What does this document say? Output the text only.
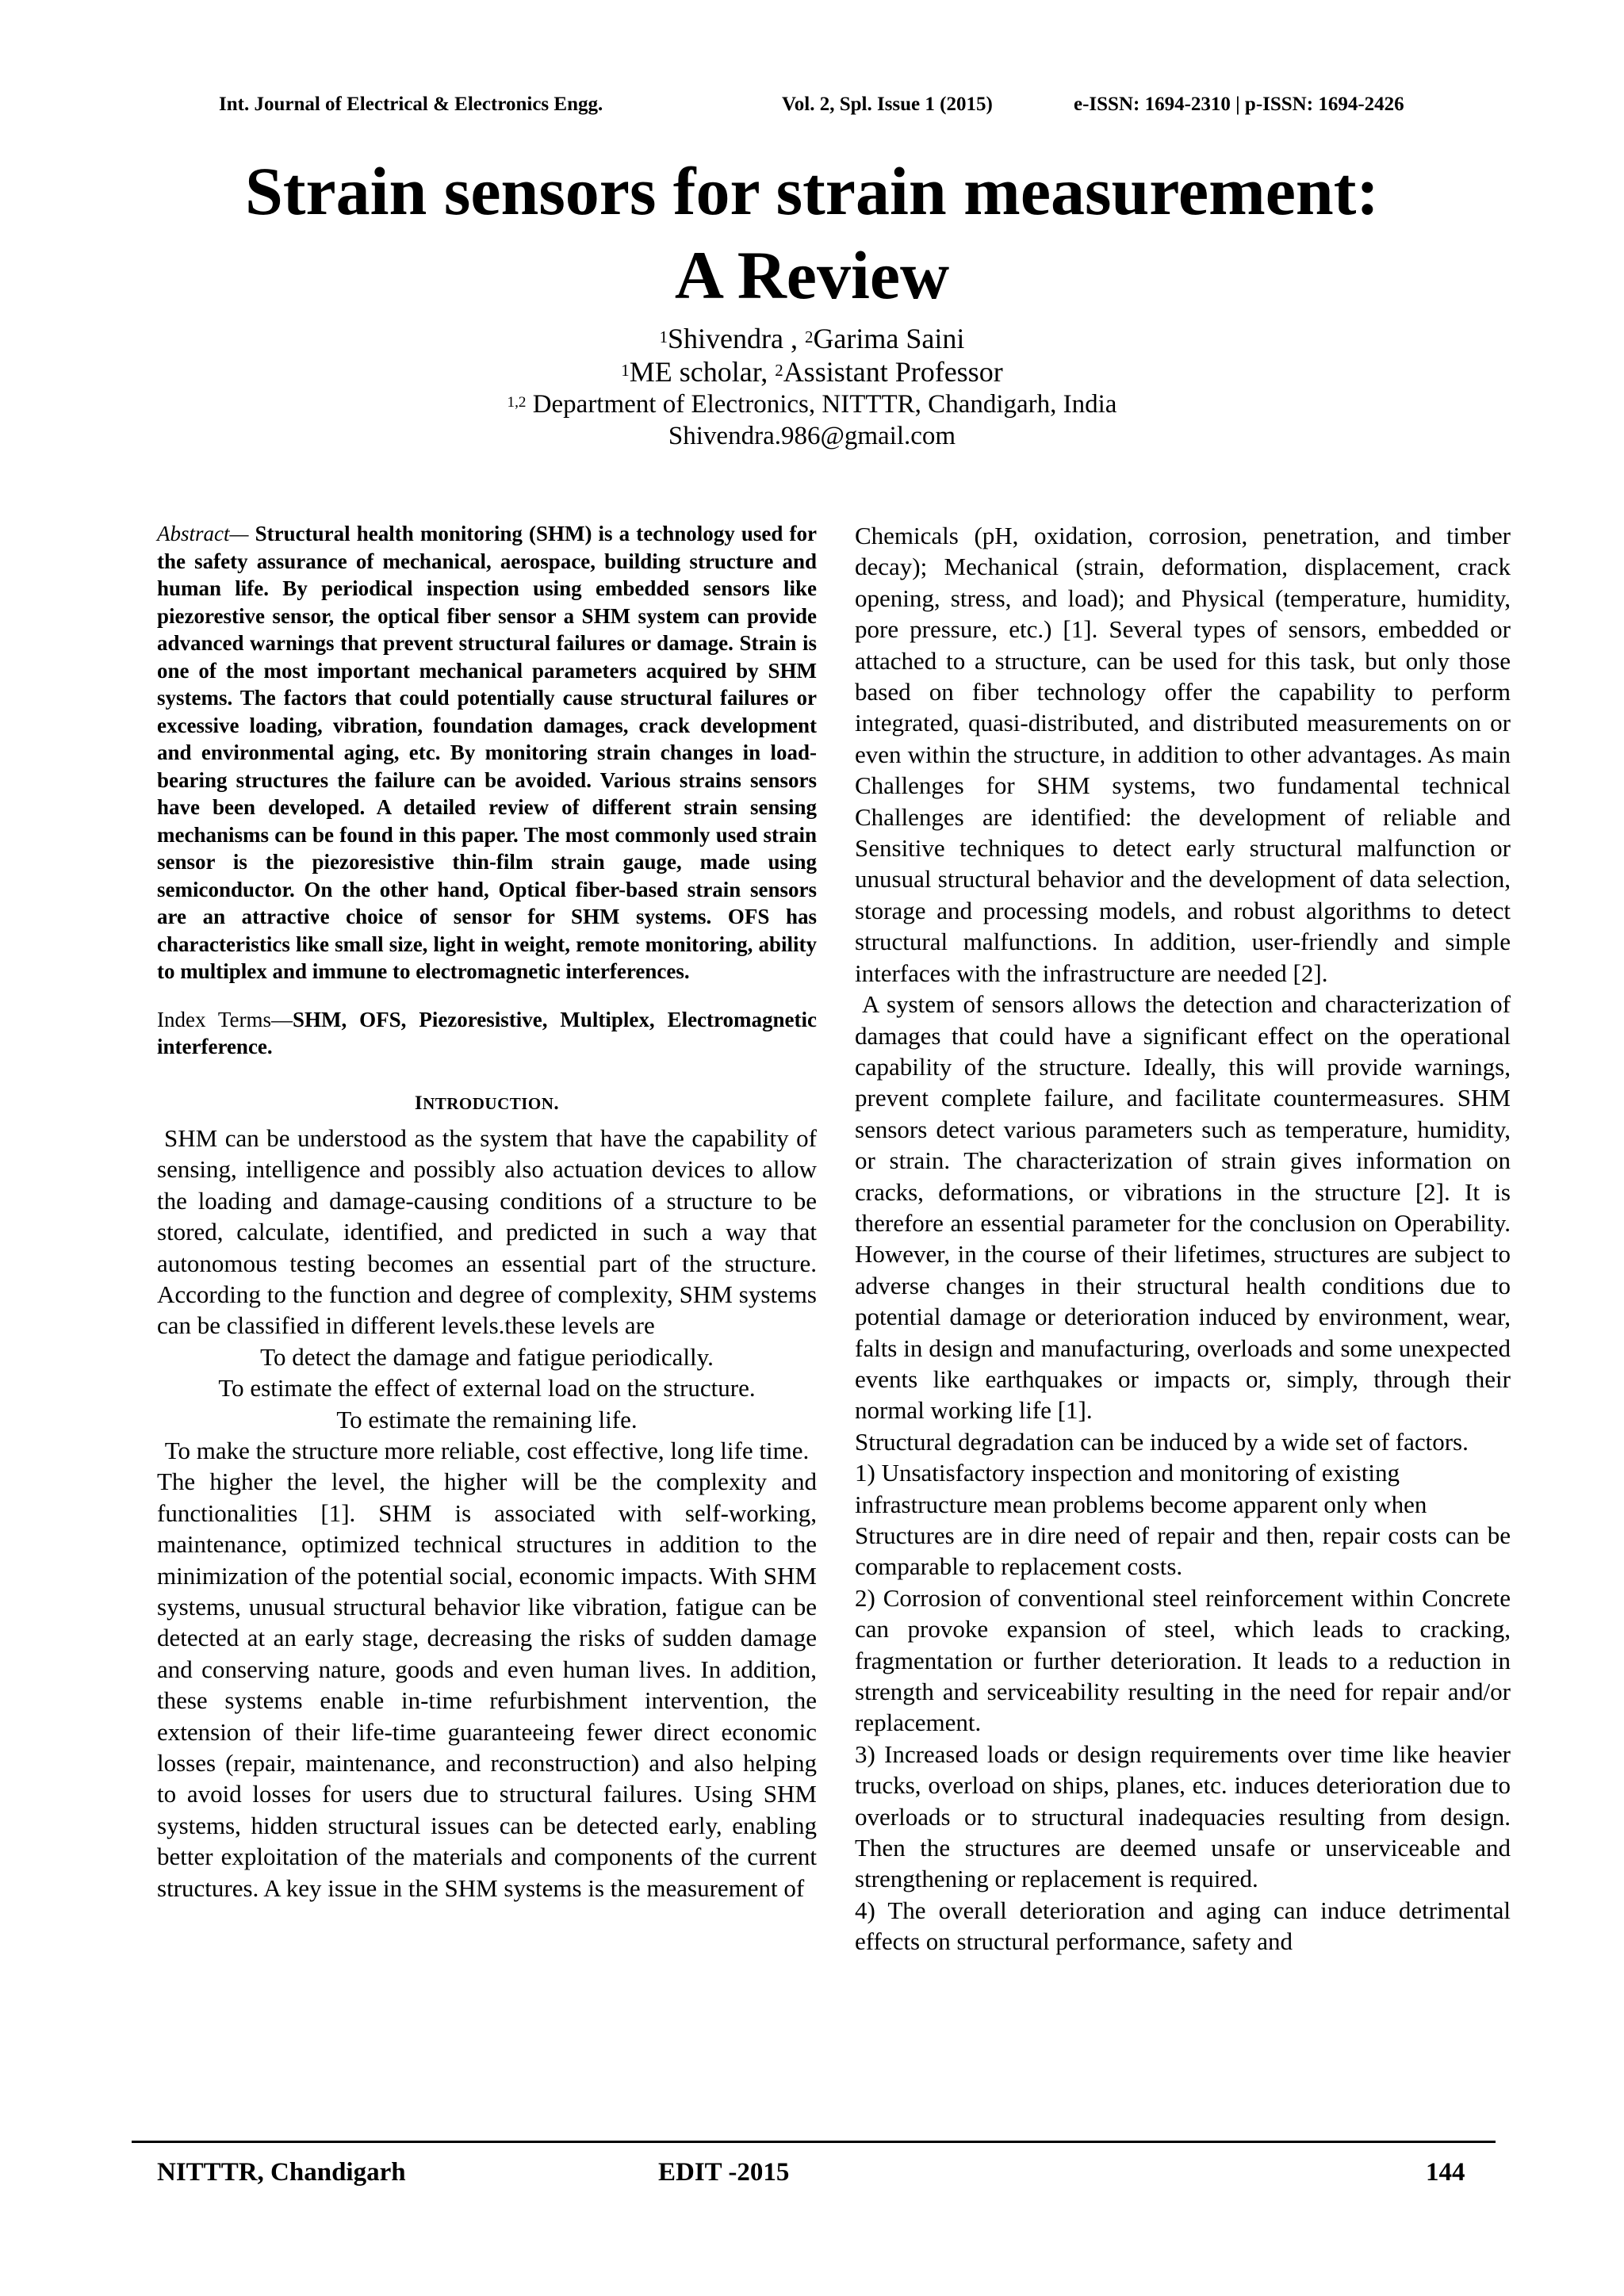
Int. Journal of Electrical & Electronics Engg.	Vol. 2, Spl. Issue 1 (2015)	e-ISSN: 1694-2310 | p-ISSN: 1694-2426
Strain sensors for strain measurement:
A Review
$^1$Shivendra , $^2$Garima Saini
$^1$ME scholar, $^2$Assistant Professor
$^{1,2}$ Department of Electronics, NITTTR, Chandigarh, India
Shivendra.986@gmail.com

Abstract— Structural health monitoring (SHM) is a technology used for the safety assurance of mechanical, aerospace, building structure and human life. By periodical inspection using embedded sensors like piezorestive sensor, the optical fiber sensor a SHM system can provide advanced warnings that prevent structural failures or damage. Strain is one of the most important mechanical parameters acquired by SHM systems. The factors that could potentially cause structural failures or excessive loading, vibration, foundation damages, crack development and environmental aging, etc. By monitoring strain changes in load-bearing structures the failure can be avoided. Various strains sensors have been developed. A detailed review of different strain sensing mechanisms can be found in this paper. The most commonly used strain sensor is the piezoresistive thin-film strain gauge, made using semiconductor. On the other hand, Optical fiber-based strain sensors are an attractive choice of sensor for SHM systems. OFS has characteristics like small size, light in weight, remote monitoring, ability to multiplex and immune to electromagnetic interferences.

Index Terms—SHM, OFS, Piezoresistive, Multiplex, Electromagnetic interference.

INTRODUCTION.

SHM can be understood as the system that have the capability of sensing, intelligence and possibly also actuation devices to allow the loading and damage-causing conditions of a structure to be stored, calculate, identified, and predicted in such a way that autonomous testing becomes an essential part of the structure. According to the function and degree of complexity, SHM systems can be classified in different levels.these levels are

To detect the damage and fatigue periodically.
To estimate the effect of external load on the structure.
To estimate the remaining life.
To make the structure more reliable, cost effective, long life time.

The higher the level, the higher will be the complexity and functionalities [1]. SHM is associated with self-working, maintenance, optimized technical structures in addition to the minimization of the potential social, economic impacts. With SHM systems, unusual structural behavior like vibration, fatigue can be detected at an early stage, decreasing the risks of sudden damage and conserving nature, goods and even human lives. In addition, these systems enable in-time refurbishment intervention, the extension of their life-time guaranteeing fewer direct economic losses (repair, maintenance, and reconstruction) and also helping to avoid losses for users due to structural failures. Using SHM systems, hidden structural issues can be detected early, enabling better exploitation of the materials and components of the current structures. A key issue in the SHM systems is the measurement of

Chemicals (pH, oxidation, corrosion, penetration, and timber decay); Mechanical (strain, deformation, displacement, crack opening, stress, and load); and Physical (temperature, humidity, pore pressure, etc.) [1]. Several types of sensors, embedded or attached to a structure, can be used for this task, but only those based on fiber technology offer the capability to perform integrated, quasi-distributed, and distributed measurements on or even within the structure, in addition to other advantages. As main Challenges for SHM systems, two fundamental technical Challenges are identified: the development of reliable and Sensitive techniques to detect early structural malfunction or unusual structural behavior and the development of data selection, storage and processing models, and robust algorithms to detect structural malfunctions. In addition, user-friendly and simple interfaces with the infrastructure are needed [2].

A system of sensors allows the detection and characterization of damages that could have a significant effect on the operational capability of the structure. Ideally, this will provide warnings, prevent complete failure, and facilitate countermeasures. SHM sensors detect various parameters such as temperature, humidity, or strain. The characterization of strain gives information on cracks, deformations, or vibrations in the structure [2]. It is therefore an essential parameter for the conclusion on Operability. However, in the course of their lifetimes, structures are subject to adverse changes in their structural health conditions due to potential damage or deterioration induced by environment, wear, falts in design and manufacturing, overloads and some unexpected events like earthquakes or impacts or, simply, through their normal working life [1].

Structural degradation can be induced by a wide set of factors.

1) Unsatisfactory inspection and monitoring of existing infrastructure mean problems become apparent only when

Structures are in dire need of repair and then, repair costs can be comparable to replacement costs.

2) Corrosion of conventional steel reinforcement within Concrete can provoke expansion of steel, which leads to cracking, fragmentation or further deterioration. It leads to a reduction in strength and serviceability resulting in the need for repair and/or replacement.

3) Increased loads or design requirements over time like heavier trucks, overload on ships, planes, etc. induces deterioration due to overloads or to structural inadequacies resulting from design. Then the structures are deemed unsafe or unserviceable and strengthening or replacement is required.

4) The overall deterioration and aging can induce detrimental effects on structural performance, safety and

NITTTR, Chandigarh	EDIT -2015	144
